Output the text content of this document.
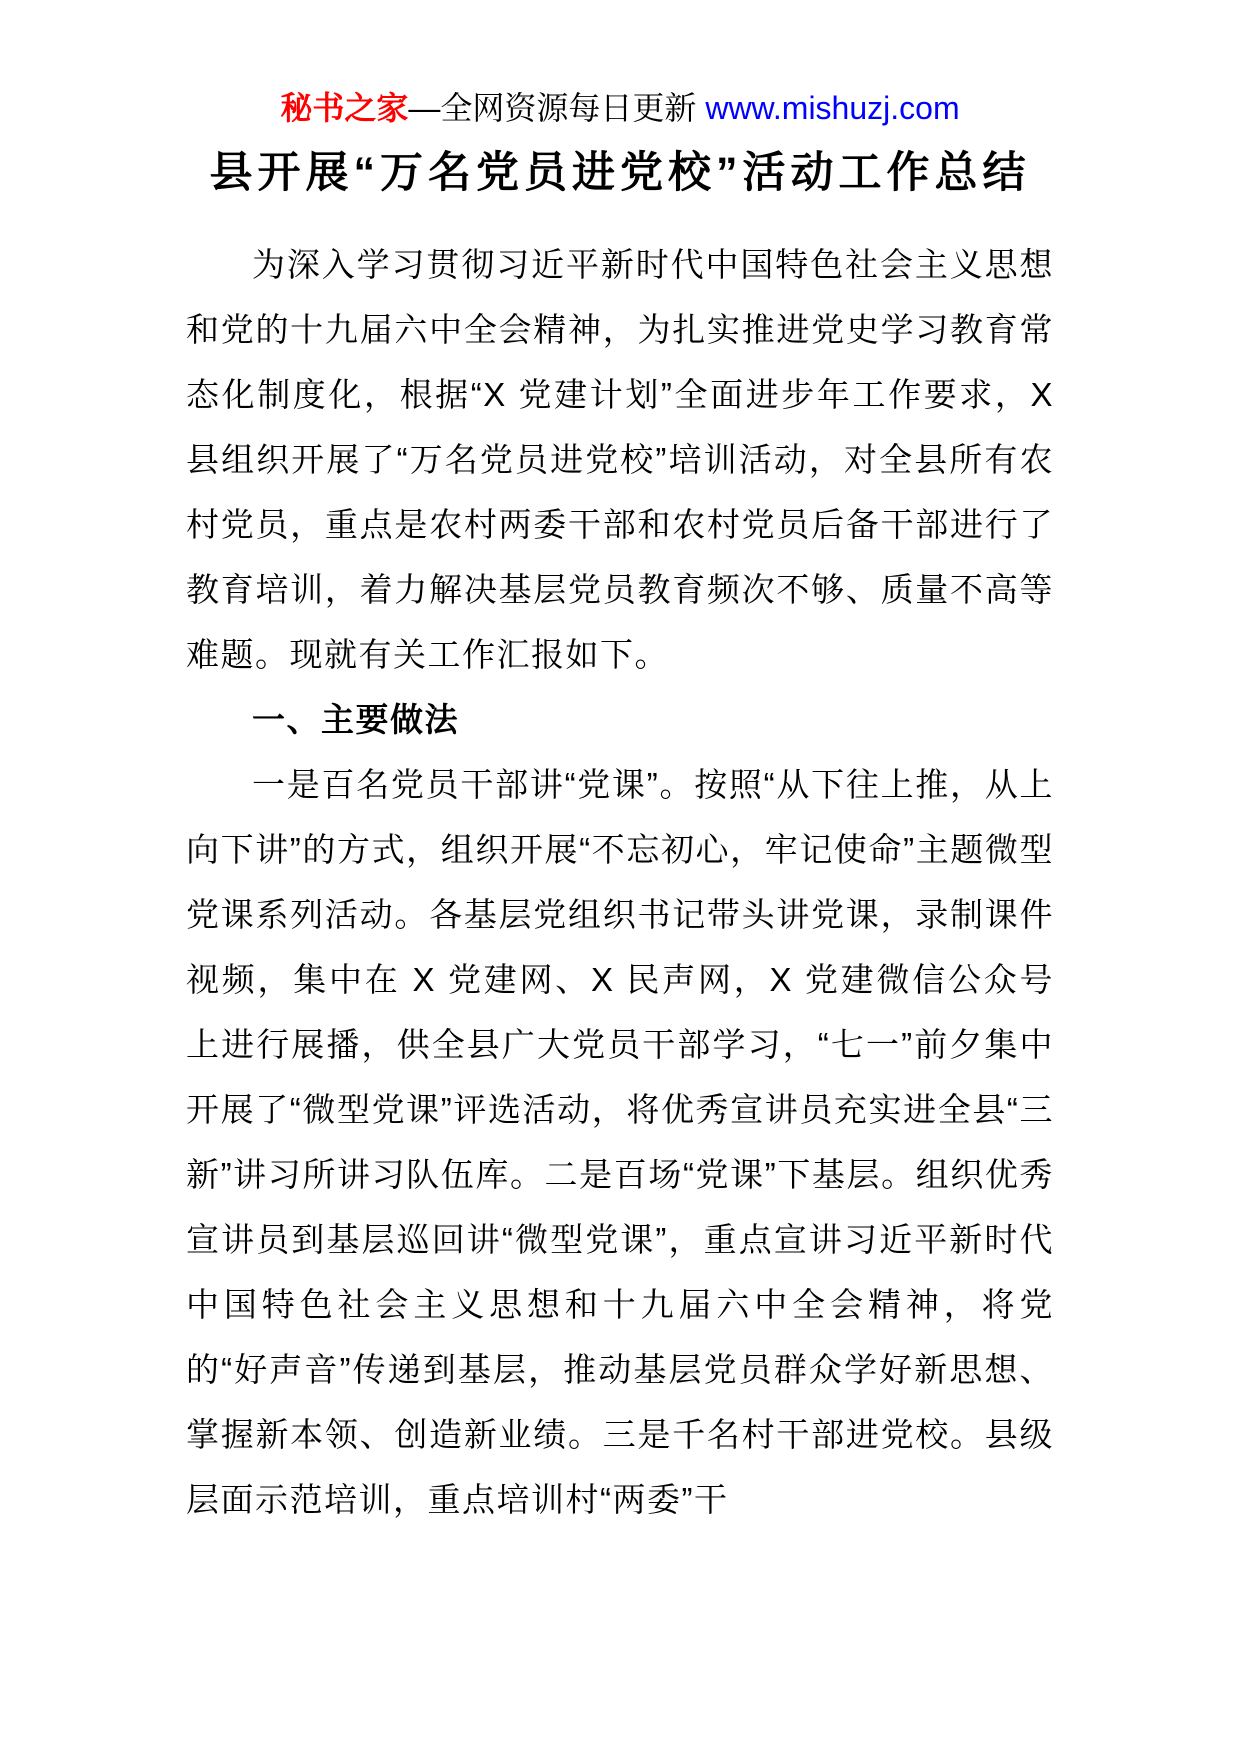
秘书之家—全网资源每日更新 www.mishuzj.com
县开展“万名党员进党校”活动工作总结

为深入学习贯彻习近平新时代中国特色社会主义思想和党的十九届六中全会精神，为扎实推进党史学习教育常态化制度化，根据“X 党建计划”全面进步年工作要求，X县组织开展了“万名党员进党校”培训活动，对全县所有农村党员，重点是农村两委干部和农村党员后备干部进行了教育培训，着力解决基层党员教育频次不够、质量不高等难题。现就有关工作汇报如下。

一、主要做法

一是百名党员干部讲“党课”。按照“从下往上推，从上向下讲”的方式，组织开展“不忘初心，牢记使命”主题微型党课系列活动。各基层党组织书记带头讲党课，录制课件视频，集中在 X 党建网、X 民声网，X 党建微信公众号上进行展播，供全县广大党员干部学习，“七一”前夕集中开展了“微型党课”评选活动，将优秀宣讲员充实进全县“三新”讲习所讲习队伍库。二是百场“党课”下基层。组织优秀宣讲员到基层巡回讲“微型党课”，重点宣讲习近平新时代中国特色社会主义思想和十九届六中全会精神，将党的“好声音”传递到基层，推动基层党员群众学好新思想、掌握新本领、创造新业绩。三是千名村干部进党校。县级层面示范培训，重点培训村“两委”干
